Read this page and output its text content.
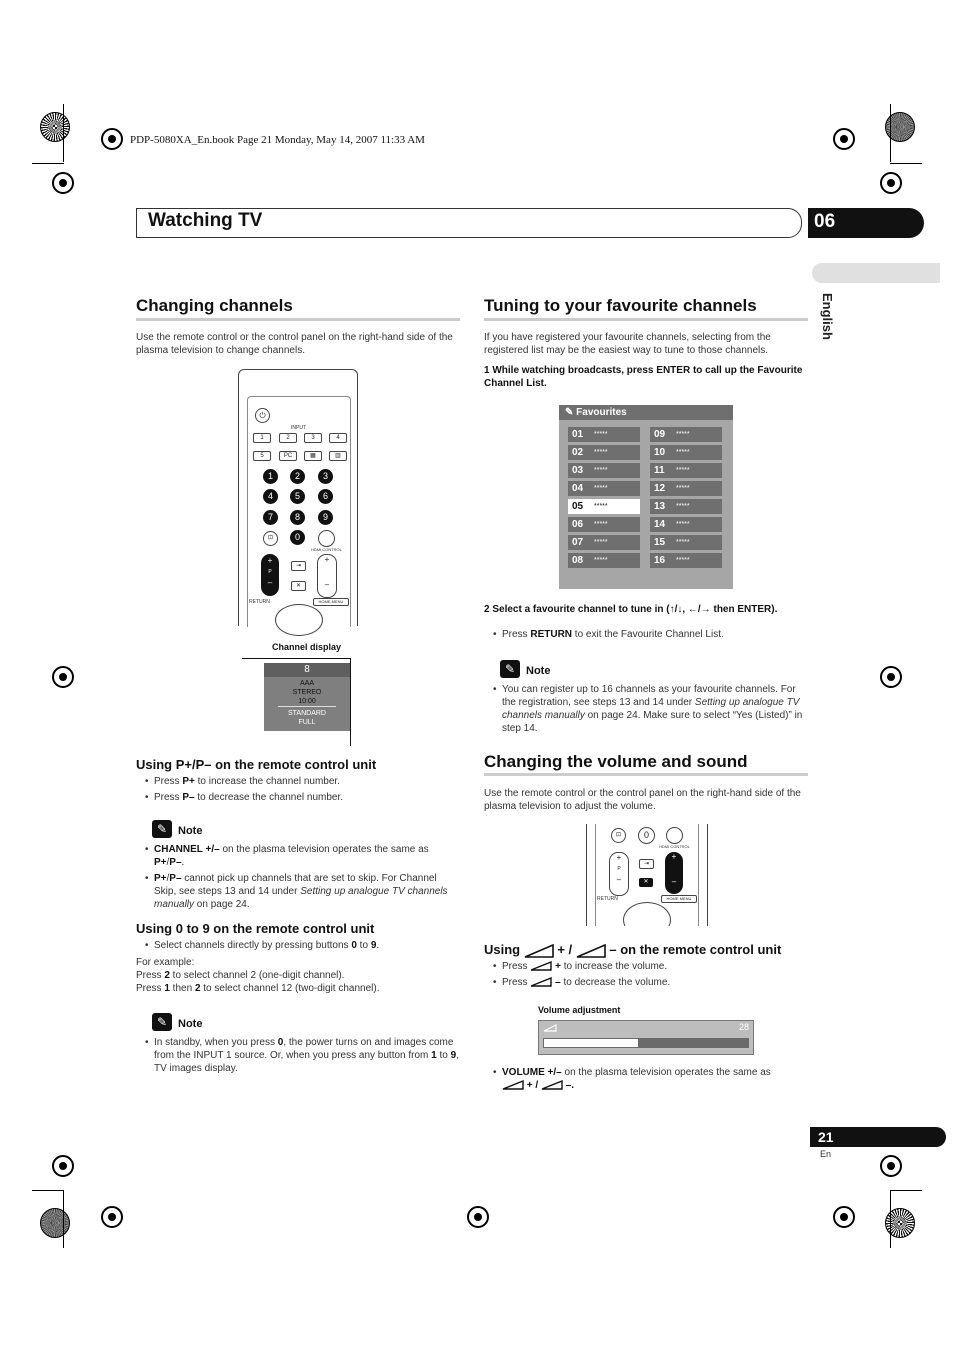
PDP-5080XA_En.book Page 21 Monday, May 14, 2007 11:33 AM
Watching TV	06
English
Changing channels
Use the remote control or the control panel on the right-hand side of the plasma television to change channels.
⏻
INPUT
1	2	3	4
5	PC	▦	▥
1	2	3
4	5	6
7	8	9
⊡	0
HDMI CONTROL
+
P
–
⇥
✕
+
–
RETURN	HOME MENU
Channel display
8
AAA
STEREO
10:00
STANDARD
FULL
Using P+/P– on the remote control unit
• Press P+ to increase the channel number.
• Press P– to decrease the channel number.
✎ Note
• CHANNEL +/– on the plasma television operates the same as P+/P–.
• P+/P– cannot pick up channels that are set to skip. For Channel Skip, see steps 13 and 14 under Setting up analogue TV channels manually on page 24.
Using 0 to 9 on the remote control unit
• Select channels directly by pressing buttons 0 to 9.
For example:
Press 2 to select channel 2 (one-digit channel).
Press 1 then 2 to select channel 12 (two-digit channel).
✎ Note
• In standby, when you press 0, the power turns on and images come from the INPUT 1 source. Or, when you press any button from 1 to 9, TV images display.
Tuning to your favourite channels
If you have registered your favourite channels, selecting from the registered list may be the easiest way to tune to those channels.
1 While watching broadcasts, press ENTER to call up the Favourite Channel List.
✎ Favourites
01 *****
02 *****
03 *****
04 *****
05 *****
06 *****
07 *****
08 *****
09 *****
10 *****
11 *****
12 *****
13 *****
14 *****
15 *****
16 *****
2 Select a favourite channel to tune in (↑/↓, ←/→ then ENTER).
• Press RETURN to exit the Favourite Channel List.
✎ Note
• You can register up to 16 channels as your favourite channels. For the registration, see steps 13 and 14 under Setting up analogue TV channels manually on page 24. Make sure to select “Yes (Listed)” in step 14.
Changing the volume and sound
Use the remote control or the control panel on the right-hand side of the plasma television to adjust the volume.
⊡	0
HDMI CONTROL
+
P
–
⇥
✕
+
–
RETURN	HOME MENU
Using  + /  – on the remote control unit
• Press  + to increase the volume.
• Press  – to decrease the volume.
Volume adjustment
28
• VOLUME +/– on the plasma television operates the same as
+ /  –.
21
En
